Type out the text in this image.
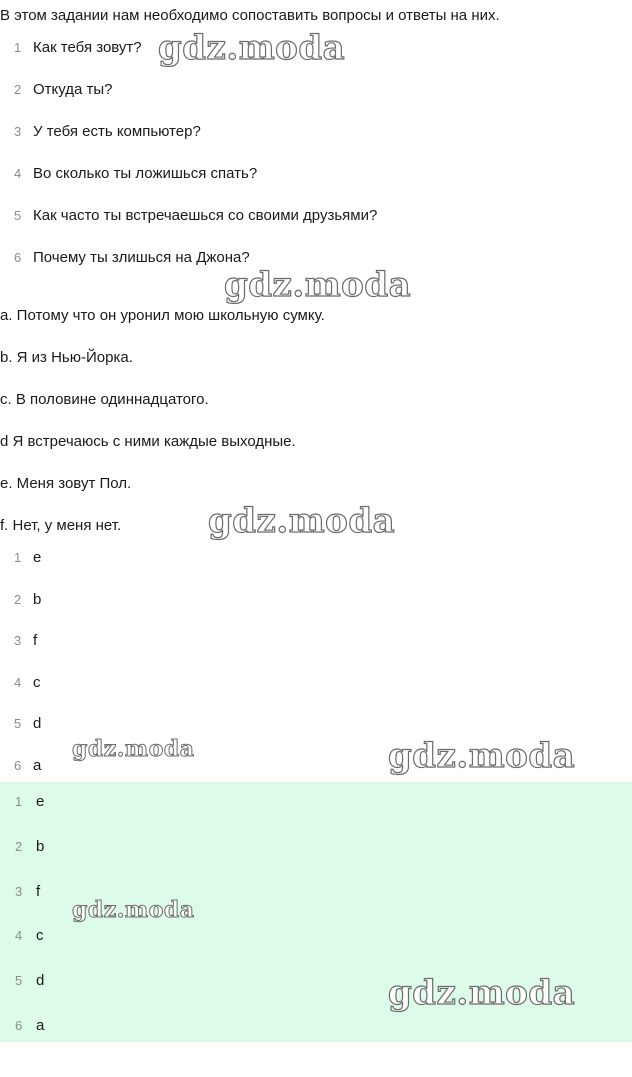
В этом задании нам необходимо сопоставить вопросы и ответы на них.

1 Как тебя зовут?
2 Откуда ты?
3 У тебя есть компьютер?
4 Во сколько ты ложишься спать?
5 Как часто ты встречаешься со своими друзьями?
6 Почему ты злишься на Джона?
a. Потому что он уронил мою школьную сумку.
b. Я из Нью-Йорка.
c. В половине одиннадцатого.
d Я встречаюсь с ними каждые выходные.
e. Меня зовут Пол.
f. Нет, у меня нет.
1 e
2 b
3 f
4 c
5 d
6 a
1 e
2 b
3 f
4 c
5 d
6 a
gdz.moda
gdz.moda
gdz.moda
gdz.moda	gdz.moda
gdz.moda
gdz.moda
